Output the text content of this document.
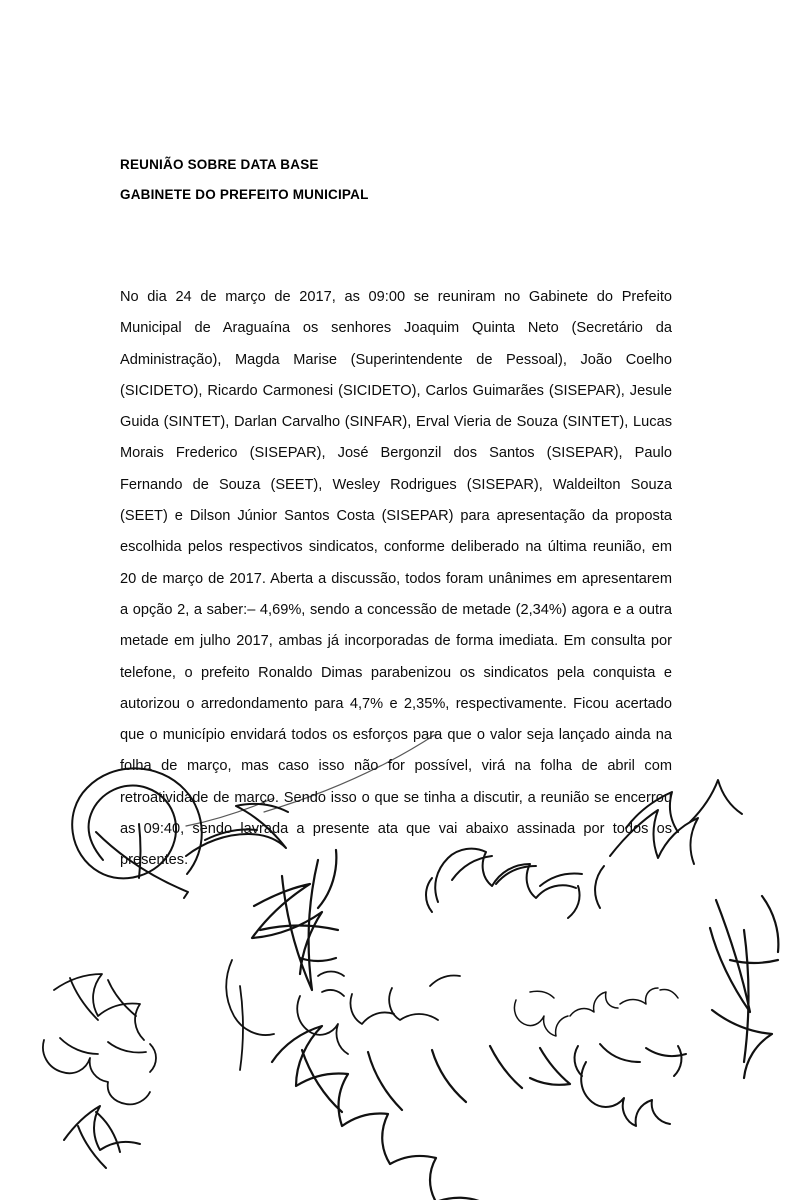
REUNIÃO SOBRE DATA BASE
GABINETE DO PREFEITO MUNICIPAL

No dia 24 de março de 2017, as 09:00 se reuniram no Gabinete do Prefeito Municipal de Araguaína os senhores Joaquim Quinta Neto (Secretário da Administração), Magda Marise (Superintendente de Pessoal), João Coelho (SICIDETO), Ricardo Carmonesi (SICIDETO), Carlos Guimarães (SISEPAR), Jesule Guida (SINTET), Darlan Carvalho (SINFAR), Erval Vieria de Souza (SINTET), Lucas Morais Frederico (SISEPAR), José Bergonzil dos Santos (SISEPAR), Paulo Fernando de Souza (SEET), Wesley Rodrigues (SISEPAR), Waldeilton Souza (SEET) e Dilson Júnior Santos Costa (SISEPAR) para apresentação da proposta escolhida pelos respectivos sindicatos, conforme deliberado na última reunião, em 20 de março de 2017. Aberta a discussão, todos foram unânimes em apresentarem a opção 2, a saber:– 4,69%, sendo a concessão de metade (2,34%) agora e a outra metade em julho 2017, ambas já incorporadas de forma imediata. Em consulta por telefone, o prefeito Ronaldo Dimas parabenizou os sindicatos pela conquista e autorizou o arredondamento para 4,7% e 2,35%, respectivamente. Ficou acertado que o município envidará todos os esforços para que o valor seja lançado ainda na folha de março, mas caso isso não for possível, virá na folha de abril com retroatividade de março. Sendo isso o que se tinha a discutir, a reunião se encerrou as 09:40, sendo lavrada a presente ata que vai abaixo assinada por todos os presentes.
